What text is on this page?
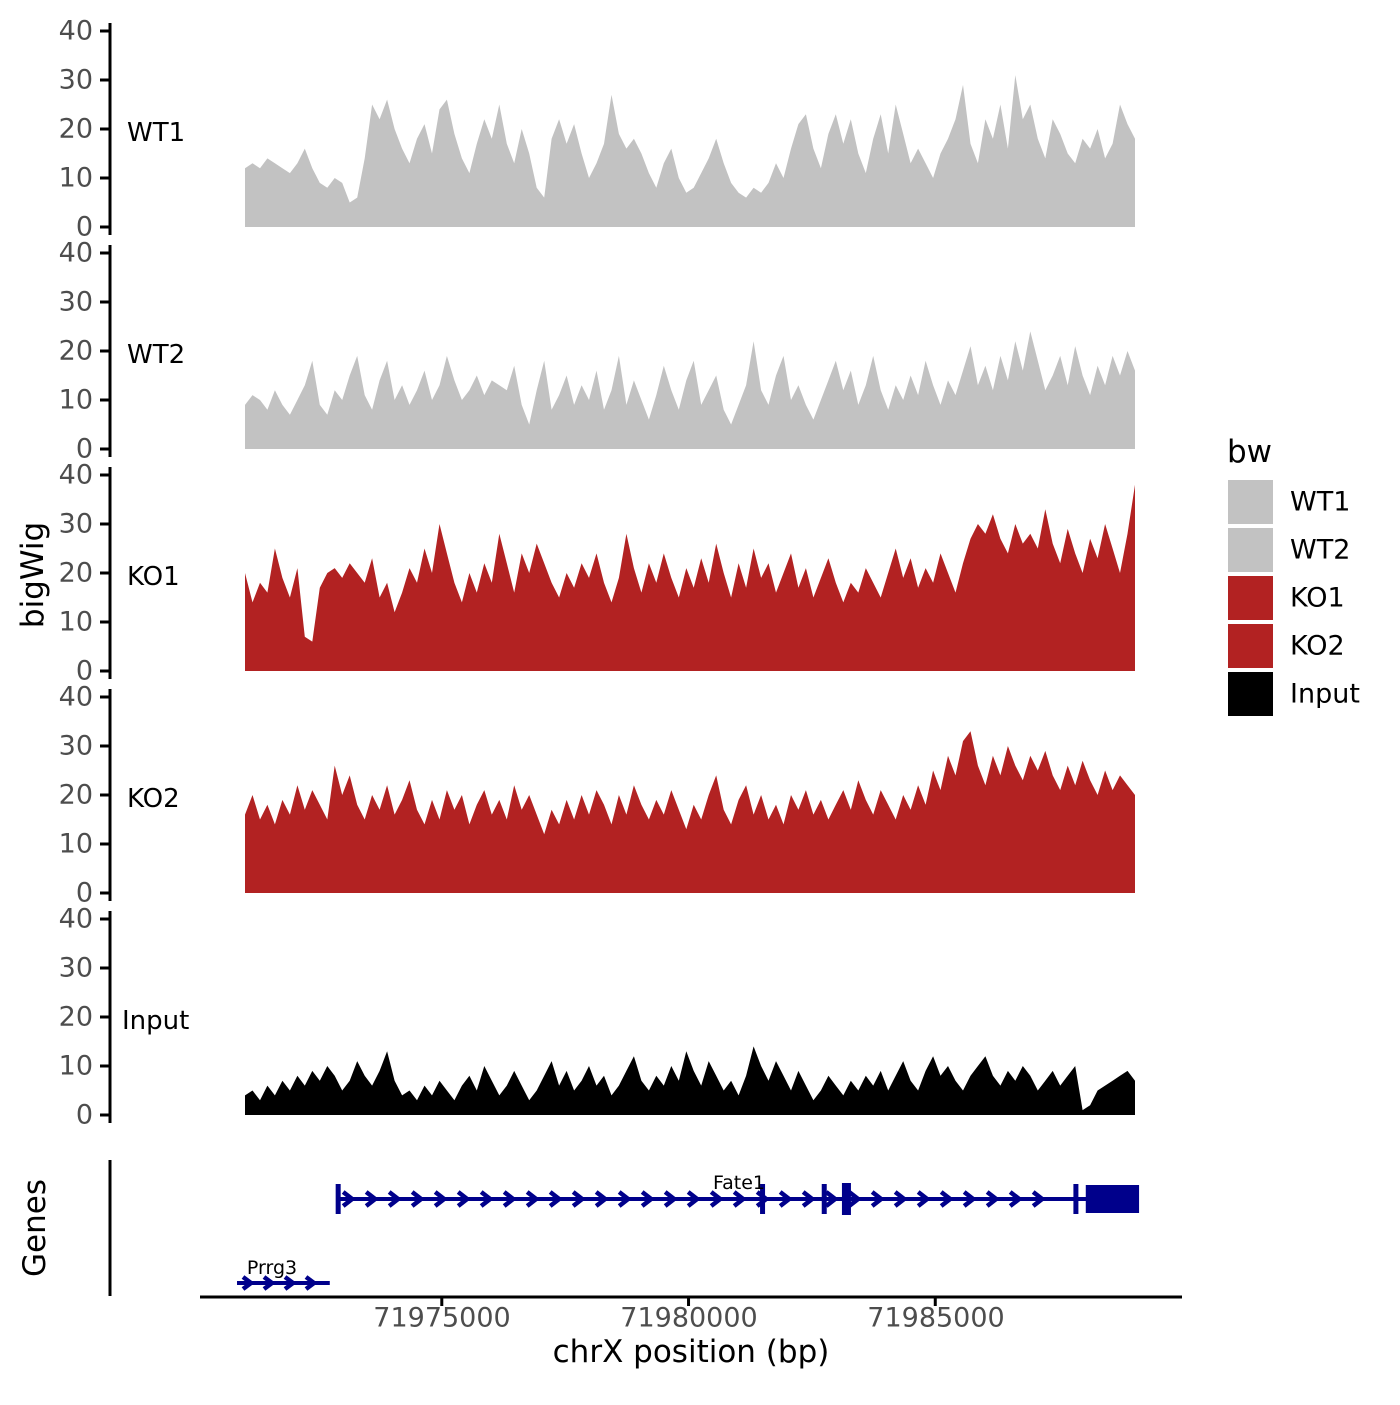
0
10
20
30
40
0
10
20
30
40
0
10
20
30
40
0
10
20
30
40
0
10
20
30
40
WT1
WT2
KO1
KO2
Input
bigWig
Genes
71975000	71980000	71985000
chrX position (bp)
Fate1
Prrg3
bw
WT1
WT2
KO1
KO2
Input
